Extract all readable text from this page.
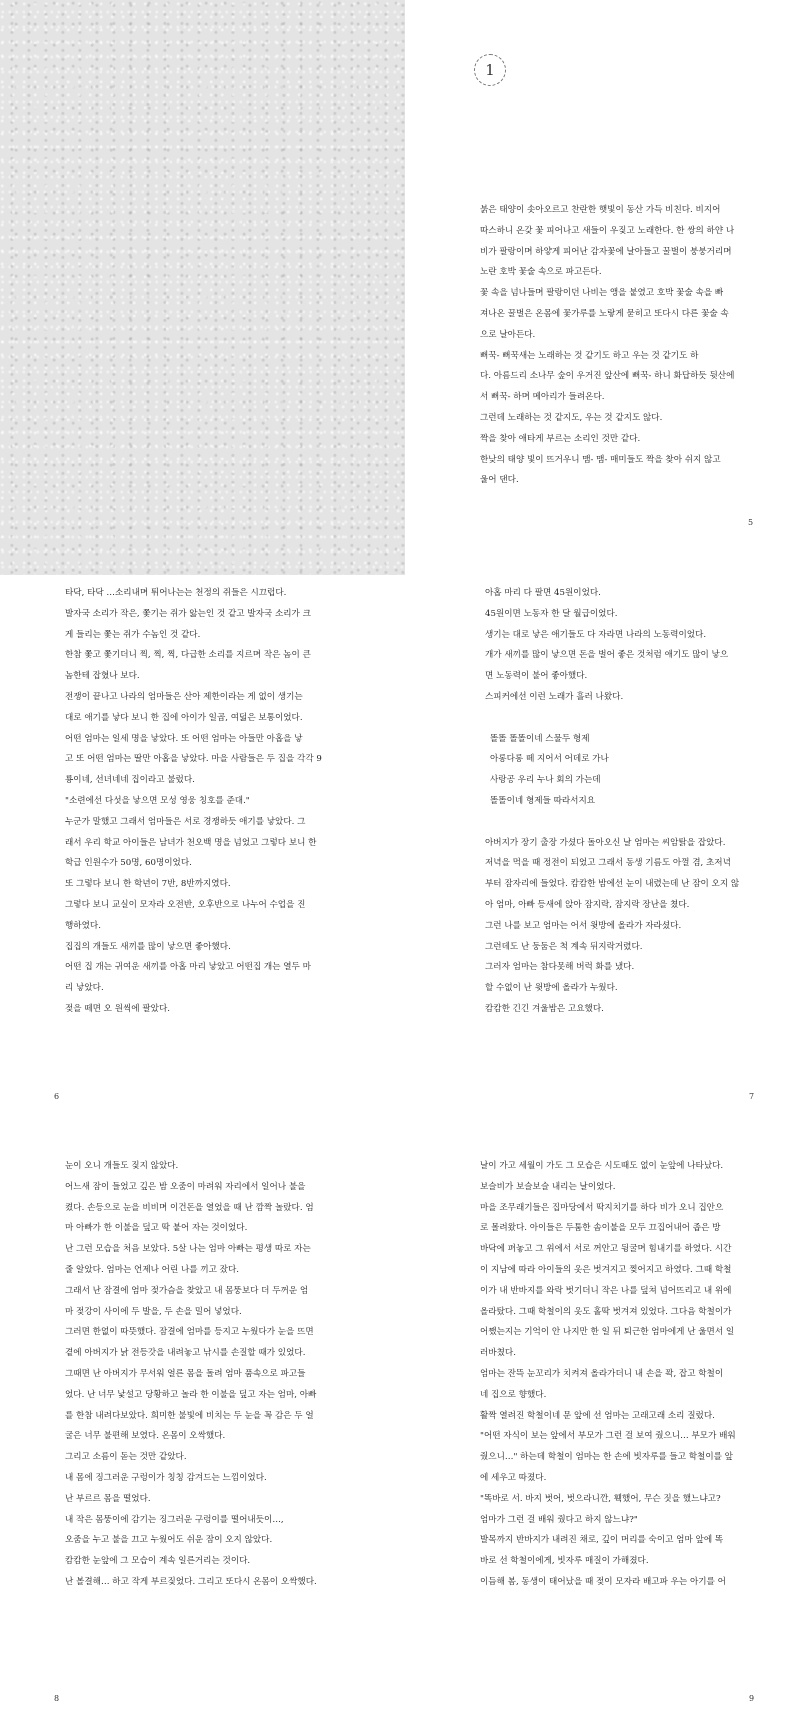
1

붉은 태양이 솟아오르고 찬란한 햇빛이 동산 가득 비친다. 비지어

따스하니 온갖 꽃 피어나고 새들이 우짖고 노래한다. 한 쌍의 하얀 나

비가 팔랑이며 하얗게 피어난 감자꽃에 날아들고 꿀벌이 붕붕거리며

노란 호박 꽃술 속으로 파고든다.

꽃 속을 넘나들며 팔랑이던 나비는 앵을 붙였고 호박 꽃술 속을 빠

져나온 꿀벌은 온몸에 꽃가루를 노랗게 묻히고 또다시 다른 꽃술 속

으로 날아든다.

뻐꾹- 뻐꾹새는 노래하는 것 같기도 하고 우는 것 같기도 하

다. 아름드리 소나무 숲이 우거진 앞산에 뻐꾹- 하니 화답하듯 뒷산에

서 뻐꾹- 하며 메아리가 들려온다.

그런데 노래하는 것 같지도, 우는 것 같지도 않다.

짝을 찾아 애타게 부르는 소리인 것만 같다.

한낮의 태양 빛이 뜨거우니 맴- 맴- 매미들도 짝을 찾아 쉬지 않고

울어 댄다.

5

타닥, 타닥 …소리내며 튀어나는는 천정의 쥐들은 시끄럽다.

발자국 소리가 작은, 쫓기는 쥐가 앓는인 것 같고 발자국 소리가 크

게 들리는 쫓는 쥐가 수놈인 것 같다.

한참 쫓고 쫓기더니 찍, 찍, 찍, 다급한 소리를 지르며 작은 놈이 큰

놈한테 잡혔나 보다.

전쟁이 끝나고 나라의 엄마들은 산아 제한이라는 게 없이 생기는

대로 애기를 낳다 보니 한 집에 아이가 일곱, 여덟은 보통이었다.

어떤 엄마는 일세 명을 낳았다. 또 어떤 엄마는 아들만 아홉을 낳

고 또 어떤 엄마는 딸만 아홉을 낳았다. 마을 사람들은 두 집을 각각 9

룡이네, 선녀네네 집이라고 불렀다.

"소련에선 다섯을 낳으면 모성 영웅 칭호를 준대."

누군가 말했고 그래서 엄마들은 서로 경쟁하듯 애기를 낳았다. 그

래서 우리 학교 아이들은 남녀가 천오백 명을 넘었고 그렇다 보니 한

학급 인원수가 50명, 60명이었다.

또 그렇다 보니 한 학년이 7반, 8반까지였다.

그렇다 보니 교실이 모자라 오전반, 오후반으로 나누어 수업을 진

행하였다.

집집의 개들도 새끼를 많이 낳으면 좋아했다.

어떤 집 개는 귀여운 새끼를 아홉 마리 낳았고 어떤집 개는 열두 마

리 낳았다.

젖을 떼면 오 원씩에 팔았다.

아홉 마리 다 팔면 45원이었다.

45원이면 노동자 한 달 월급이었다.

생기는 대로 낳은 애기들도 다 자라면 나라의 노동력이었다.

개가 새끼를 많이 낳으면 돈을 벌어 좋은 것처럼 애기도 많이 낳으

면 노동력이 불어 좋아했다.

스피커에선 이런 노래가 흘러 나왔다.

똘똘 똘똘이네 스물두 형제

아롱다롱 떼 지어서 어데로 가나

사랑공 우리 누나 회의 가는데

똘똘이네 형제들 따라서지요

아버지가 장기 출장 가셨다 돌아오신 날 엄마는 씨암탉을 잡았다.

저녁을 먹을 때 정전이 되었고 그래서 동생 기름도 아껄 겸, 초저녁

부터 잠자리에 들었다. 캄캄한 밤에선 눈이 내렸는데 난 잠이 오지 않

아 엄마, 아빠 등새에 앉아 잠지락, 잠지락 장난을 쳤다.

그런 나를 보고 엄마는 어서 윗방에 올라가 자라셨다.

그런데도 난 둥둠은 척 계속 뒤지락거렸다.

그러자 엄마는 참다못해 버럭 화를 냈다.

할 수없이 난 윗방에 올라가 누웠다.

캄캄한 긴긴 겨울밤은 고요했다.

6	7

눈이 오니 개들도 짖지 않았다.

어느새 잠이 들었고 깊은 밤 오줌이 마려워 자리에서 일어나 불을

켰다. 손등으로 눈을 비비며 이건돈을 열었을 때 난 깜짝 놀랐다. 엄

마 아빠가 한 이불을 덮고 딱 붙어 자는 것이었다.

난 그런 모습을 처음 보았다. 5살 나는 엄마 아빠는 평생 따로 자는

줄 알았다. 엄마는 언제나 어린 나를 끼고 잤다.

그래서 난 잠결에 엄마 젖가슴을 찾았고 내 몸뚱보다 더 두꺼운 엄

마 젖강이 사이에 두 발을, 두 손을 밀어 넣었다.

그러면 한없이 따뜻했다. 잠결에 엄마를 등지고 누웠다가 눈을 뜨면

곁에 아버지가 낡 전등갓을 내려놓고 낚시를 손질할 때가 있었다.

그때면 난 아버지가 무서워 얼른 몸을 돌려 엄마 품속으로 파고들

었다. 난 너무 낯설고 당황하고 놀라 한 이불을 덮고 자는 엄마, 아빠

를 한참 내려다보았다. 희미한 불빛에 비치는 두 눈을 꼭 감은 두 얼

굴은 너무 불편해 보였다. 온몸이 오싹했다.

그리고 소름이 돋는 것만 같았다.

내 몸에 징그러운 구렁이가 칭칭 감겨드는 느낌이었다.

난 부르르 몸을 떨었다.

내 작은 몸뚱이에 감기는 징그러운 구렁이를 떨어내듯이…,

오줌을 누고 불을 끄고 누웠어도 쉬운 잠이 오지 않았다.

캄캄한 눈앞에 그 모습이 계속 일른거리는 것이다.

난 볼결해… 하고 작게 부르짖었다. 그리고 또다시 온몸이 오싹했다.

날이 가고 세월이 가도 그 모습은 시도때도 없이 눈앞에 나타났다.

보슬비가 보슬보슬 내리는 날이었다.

마을 조무래기들은 집마당에서 딱지치기를 하다 비가 오니 집안으

로 몰려왔다. 아이들은 두툼한 솜이불을 모두 끄집어내어 좁은 방

바닥에 펴놓고 그 위에서 서로 꺼안고 뒹굴며 힘내기를 하였다. 시간

이 지남에 따라 아이들의 옷은 벗겨지고 찢어지고 하였다. 그때 학철

이가 내 반바지를 와락 벗기더니 작은 나를 덮쳐 넘어뜨리고 내 위에

올라탔다. 그때 학철이의 옷도 홀딱 벗겨져 있었다. 그다음 학철이가

어쨌는지는 기억이 안 나지만 한 일 뒤 퇴근한 엄마에게 난 울면서 일

러바쳤다.

엄마는 잔뜩 눈꼬리가 치켜져 올라가더니 내 손을 꽉, 잡고 학철이

네 집으로 향했다.

활짝 열려진 학철이네 문 앞에 선 엄마는 고래고래 소리 질렀다.

"어떤 자식이 보는 앞에서 부모가 그런 걸 보여 줬으니… 부모가 배워

줬으니…" 하는데 학철이 엄마는 한 손에 빗자루를 들고 학철이를 앞

에 세우고 따졌다.

"똑바로 서. 바지 벗어, 벗으라니깐, 훽했어, 무슨 짓을 했느냐고?

엄마가 그런 걸 배워 줬다고 하지 않느냐?"

발목까지 반바지가 내려진 채로, 깊이 머리를 숙이고 엄마 앞에 똑

바로 선 학철이에게, 빗자루 매질이 가해졌다.

이듬해 봄, 동생이 태어났을 때 젖이 모자라 배고파 우는 아기를 어

8	9
